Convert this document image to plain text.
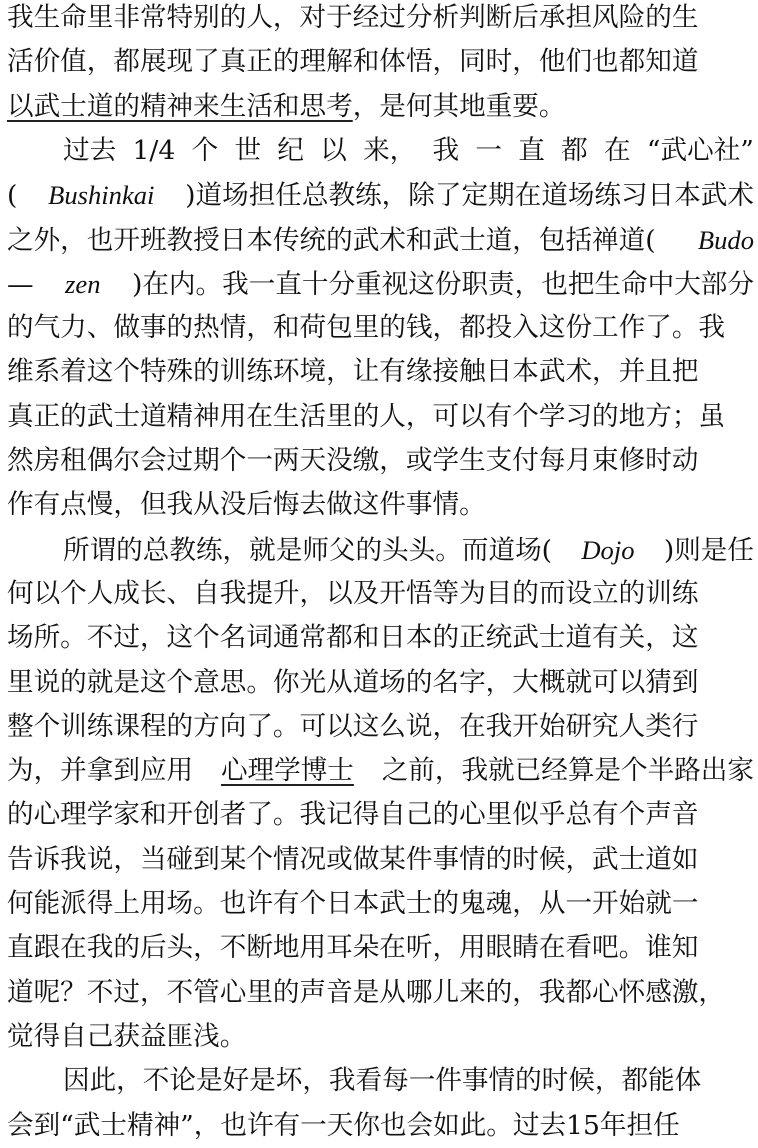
我生命里非常特别的人，对于经过分析判断后承担风险的生
活价值，都展现了真正的理解和体悟，同时，他们也都知道
以武士道的精神来生活和思考 ，是何其地重要。
过去 1/4 个 世 纪 以 来， 我 一 直 都 在 “武心社”
( Bushinkai )道场担任总教练，除了定期在道场练习日本武术
之外，也开班教授日本传统的武术和武士道，包括禅道( Budo
— zen )在内。我一直十分重视这份职责，也把生命中大部分
的气力、做事的热情，和荷包里的钱，都投入这份工作了。我
维系着这个特殊的训练环境，让有缘接触日本武术，并且把
真正的武士道精神用在生活里的人，可以有个学习的地方；虽
然房租偶尔会过期个一两天没缴，或学生支付每月束修时动
作有点慢，但我从没后悔去做这件事情。
所谓的总教练，就是师父的头头。而道场( Dojo )则是任
何以个人成长、自我提升，以及开悟等为目的而设立的训练
场所。不过，这个名词通常都和日本的正统武士道有关，这
里说的就是这个意思。你光从道场的名字，大概就可以猜到
整个训练课程的方向了。可以这么说，在我开始研究人类行
为，并拿到应用 心理学博士 之前，我就已经算是个半路出家
的心理学家和开创者了。我记得自己的心里似乎总有个声音
告诉我说，当碰到某个情况或做某件事情的时候，武士道如
何能派得上用场。也许有个日本武士的鬼魂，从一开始就一
直跟在我的后头，不断地用耳朵在听，用眼睛在看吧。谁知
道呢？不过，不管心里的声音是从哪儿来的，我都心怀感激，
觉得自己获益匪浅。
因此，不论是好是坏，我看每一件事情的时候，都能体
会到“武士精神”，也许有一天你也会如此。过去15年担任
